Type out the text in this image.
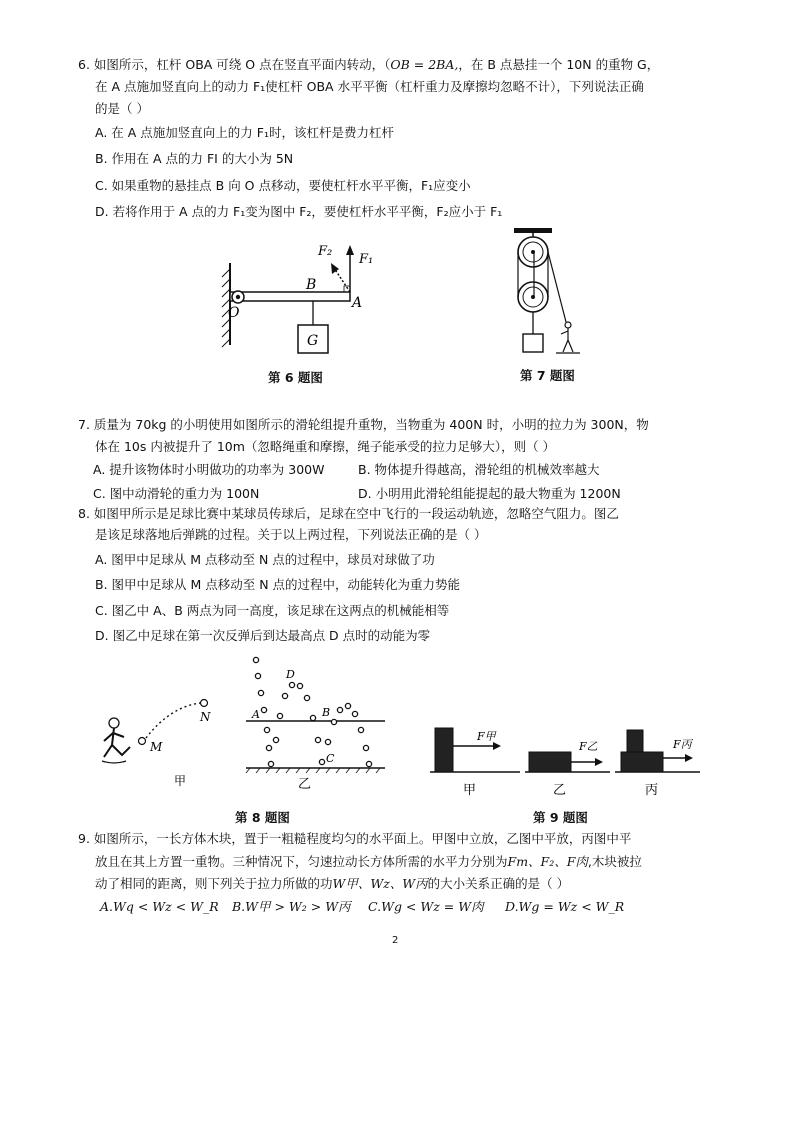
6. 如图所示，杠杆 OBA 可绕 O 点在竖直平面内转动，（OB = 2BA,，在 B 点悬挂一个 10N 的重物 G，
在 A 点施加竖直向上的动力 F₁使杠杆 OBA 水平平衡（杠杆重力及摩擦均忽略不计），下列说法正确
的是（ ）
A. 在 A 点施加竖直向上的力 F₁时，该杠杆是费力杠杆
B. 作用在 A 点的力 FI 的大小为 5N
C. 如果重物的悬挂点 B 向 O 点移动，要使杠杆水平平衡，F₁应变小
D. 若将作用于 A 点的力 F₁变为图中 F₂，要使杠杆水平平衡，F₂应小于 F₁
O
B
A
G
F₁
F₂
第 6 题图	第 7 题图
7. 质量为 70kg 的小明使用如图所示的滑轮组提升重物，当物重为 400N 时，小明的拉力为 300N，物
体在 10s 内被提升了 10m（忽略绳重和摩擦，绳子能承受的拉力足够大），则（ ）
A. 提升该物体时小明做功的功率为 300W	B. 物体提升得越高，滑轮组的机械效率越大
C. 图中动滑轮的重力为 100N	D. 小明用此滑轮组能提起的最大物重为 1200N
8. 如图甲所示是足球比赛中某球员传球后，足球在空中飞行的一段运动轨迹，忽略空气阻力。图乙
是该足球落地后弹跳的过程。关于以上两过程，下列说法正确的是（ ）
A. 图甲中足球从 M 点移动至 N 点的过程中，球员对球做了功
B. 图甲中足球从 M 点移动至 N 点的过程中，动能转化为重力势能
C. 图乙中 A、B 两点为同一高度，该足球在这两点的机械能相等
D. 图乙中足球在第一次反弹后到达最高点 D 点时的动能为零
M
N
甲
A	B
C
D
乙
第 8 题图
F甲
甲
F乙
乙
F丙
丙
第 9 题图
9. 如图所示，一长方体木块，置于一粗糙程度均匀的水平面上。甲图中立放，乙图中平放，丙图中平
放且在其上方置一重物。三种情况下，匀速拉动长方体所需的水平力分别为Fm、F₂、F肉,木块被拉
动了相同的距离，则下列关于拉力所做的功W甲、Wz、W丙的大小关系正确的是（ ）
A.Wq < Wz < W_R B.W甲 > W₂ > W丙 C.Wg < Wz = W肉 D.Wg = Wz < W_R
2
